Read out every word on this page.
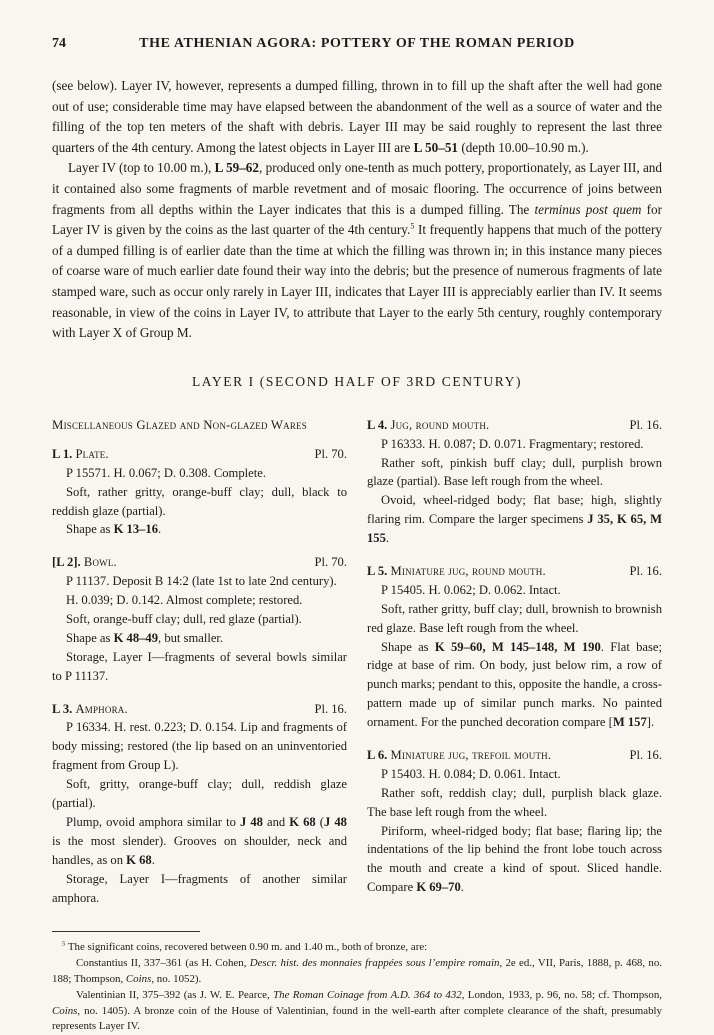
74	THE ATHENIAN AGORA: POTTERY OF THE ROMAN PERIOD

(see below). Layer IV, however, represents a dumped filling, thrown in to fill up the shaft after the well had gone out of use; considerable time may have elapsed between the abandonment of the well as a source of water and the filling of the top ten meters of the shaft with debris. Layer III may be said roughly to represent the last three quarters of the 4th century. Among the latest objects in Layer III are L 50–51 (depth 10.00–10.90 m.).

Layer IV (top to 10.00 m.), L 59–62, produced only one-tenth as much pottery, proportionately, as Layer III, and it contained also some fragments of marble revetment and of mosaic flooring. The occurrence of joins between fragments from all depths within the Layer indicates that this is a dumped filling. The terminus post quem for Layer IV is given by the coins as the last quarter of the 4th century.$^5$ It frequently happens that much of the pottery of a dumped filling is of earlier date than the time at which the filling was thrown in; in this instance many pieces of coarse ware of much earlier date found their way into the debris; but the presence of numerous fragments of late stamped ware, such as occur only rarely in Layer III, indicates that Layer III is appreciably earlier than IV. It seems reasonable, in view of the coins in Layer IV, to attribute that Layer to the early 5th century, roughly contemporary with Layer X of Group M.

LAYER I (SECOND HALF OF 3RD CENTURY)
Miscellaneous Glazed and Non-glazed Wares
L 1. Plate.	Pl. 70.

P 15571. H. 0.067; D. 0.308. Complete.

Soft, rather gritty, orange-buff clay; dull, black to reddish glaze (partial).

Shape as K 13–16.

[L 2]. Bowl.	Pl. 70.

P 11137. Deposit B 14:2 (late 1st to late 2nd century).

H. 0.039; D. 0.142. Almost complete; restored.

Soft, orange-buff clay; dull, red glaze (partial).

Shape as K 48–49, but smaller.

Storage, Layer I—fragments of several bowls similar to P 11137.

L 3. Amphora.	Pl. 16.

P 16334. H. rest. 0.223; D. 0.154. Lip and fragments of body missing; restored (the lip based on an uninventoried fragment from Group L).

Soft, gritty, orange-buff clay; dull, reddish glaze (partial).

Plump, ovoid amphora similar to J 48 and K 68 (J 48 is the most slender). Grooves on shoulder, neck and handles, as on K 68.

Storage, Layer I—fragments of another similar amphora.

L 4. Jug, round mouth.	Pl. 16.

P 16333. H. 0.087; D. 0.071. Fragmentary; restored.

Rather soft, pinkish buff clay; dull, purplish brown glaze (partial). Base left rough from the wheel.

Ovoid, wheel-ridged body; flat base; high, slightly flaring rim. Compare the larger specimens J 35, K 65, M 155.

L 5. Miniature jug, round mouth.	Pl. 16.

P 15405. H. 0.062; D. 0.062. Intact.

Soft, rather gritty, buff clay; dull, brownish to brownish red glaze. Base left rough from the wheel.

Shape as K 59–60, M 145–148, M 190. Flat base; ridge at base of rim. On body, just below rim, a row of punch marks; pendant to this, opposite the handle, a cross-pattern made up of similar punch marks. No painted ornament. For the punched decoration compare [M 157].

L 6. Miniature jug, trefoil mouth.	Pl. 16.

P 15403. H. 0.084; D. 0.061. Intact.

Rather soft, reddish clay; dull, purplish black glaze. The base left rough from the wheel.

Piriform, wheel-ridged body; flat base; flaring lip; the indentations of the lip behind the front lobe touch across the mouth and create a kind of spout. Sliced handle. Compare K 69–70.

$^5$ The significant coins, recovered between 0.90 m. and 1.40 m., both of bronze, are:

Constantius II, 337–361 (as H. Cohen, Descr. hist. des monnaies frappées sous l’empire romain, 2e ed., VII, Paris, 1888, p. 468, no. 188; Thompson, Coins, no. 1052).

Valentinian II, 375–392 (as J. W. E. Pearce, The Roman Coinage from A.D. 364 to 432, London, 1933, p. 96, no. 58; cf. Thompson, Coins, no. 1405). A bronze coin of the House of Valentinian, found in the well-earth after complete clearance of the shaft, presumably represents Layer IV.
